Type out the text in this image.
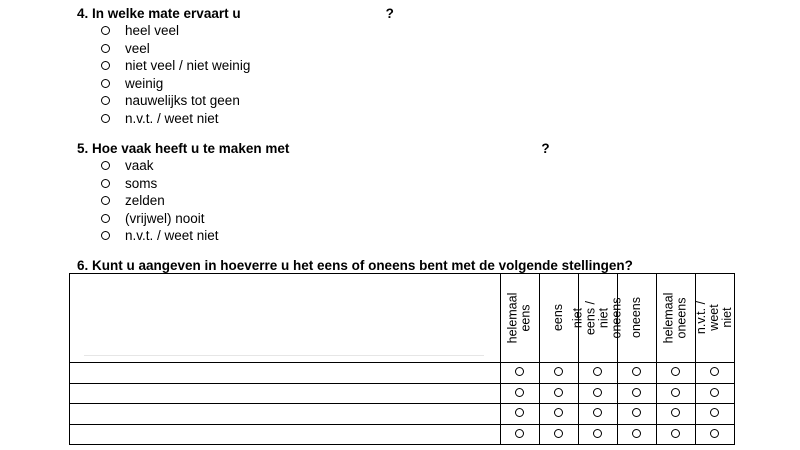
4. In welke mate ervaart u	?
heel veel
veel
niet veel / niet weinig
weinig
nauwelijks tot geen
n.v.t. / weet niet
5. Hoe vaak heeft u te maken met	?
vaak
soms
zelden
(vrijwel) nooit
n.v.t. / weet niet
6. Kunt u aangeven in hoeverre u het eens of oneens bent met de volgende stellingen?
helemaal
eens eens niet eens /
niet oneens oneens helemaal
oneens n.v.t. / weet
niet
